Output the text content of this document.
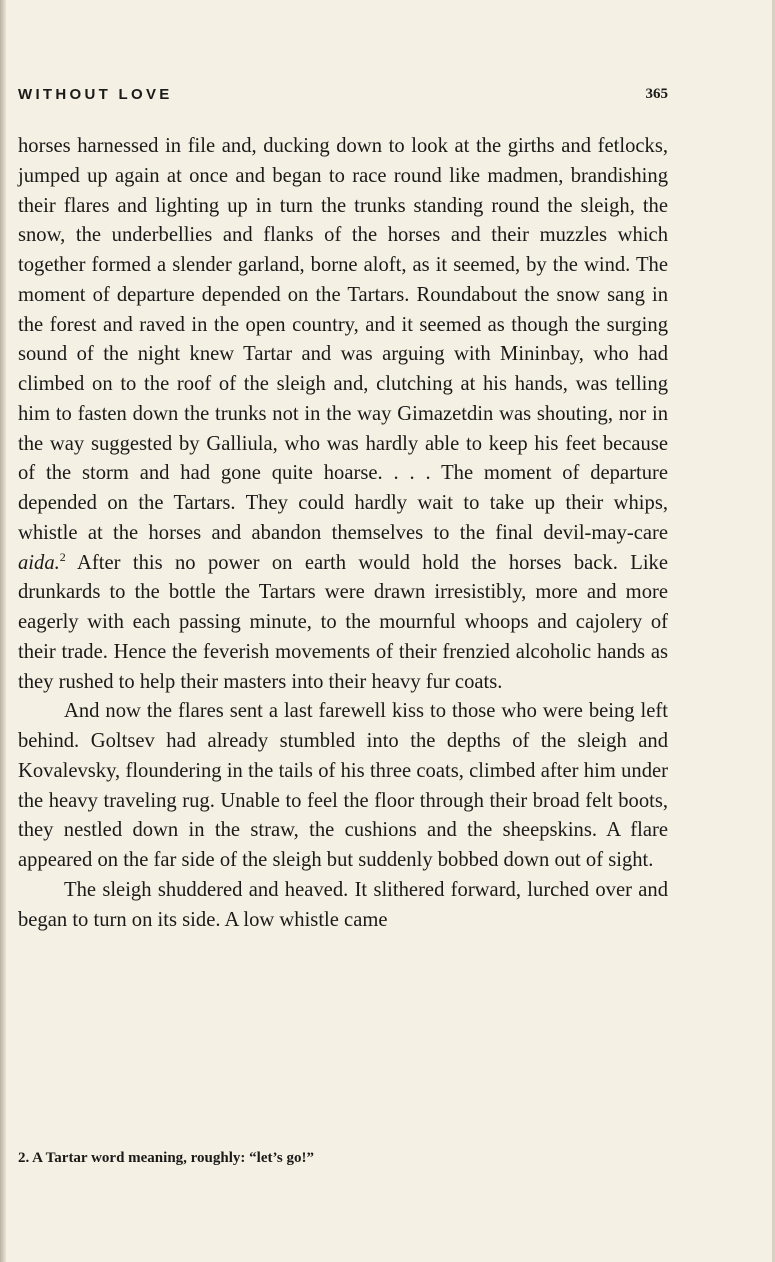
WITHOUT LOVE	365

horses harnessed in file and, ducking down to look at the girths and fetlocks, jumped up again at once and began to race round like madmen, brandishing their flares and lighting up in turn the trunks standing round the sleigh, the snow, the underbellies and flanks of the horses and their muzzles which together formed a slender garland, borne aloft, as it seemed, by the wind. The moment of departure depended on the Tartars. Roundabout the snow sang in the forest and raved in the open country, and it seemed as though the surging sound of the night knew Tartar and was arguing with Mininbay, who had climbed on to the roof of the sleigh and, clutching at his hands, was telling him to fasten down the trunks not in the way Gimazetdin was shouting, nor in the way suggested by Galliula, who was hardly able to keep his feet because of the storm and had gone quite hoarse. . . . The moment of departure depended on the Tartars. They could hardly wait to take up their whips, whistle at the horses and abandon themselves to the final devil-may-care aida.$^2$ After this no power on earth would hold the horses back. Like drunkards to the bottle the Tartars were drawn irresistibly, more and more eagerly with each passing minute, to the mournful whoops and cajolery of their trade. Hence the feverish movements of their frenzied alcoholic hands as they rushed to help their masters into their heavy fur coats.

And now the flares sent a last farewell kiss to those who were being left behind. Goltsev had already stumbled into the depths of the sleigh and Kovalevsky, floundering in the tails of his three coats, climbed after him under the heavy traveling rug. Unable to feel the floor through their broad felt boots, they nestled down in the straw, the cushions and the sheepskins. A flare appeared on the far side of the sleigh but suddenly bobbed down out of sight.

The sleigh shuddered and heaved. It slithered forward, lurched over and began to turn on its side. A low whistle came

2. A Tartar word meaning, roughly: “let’s go!”
